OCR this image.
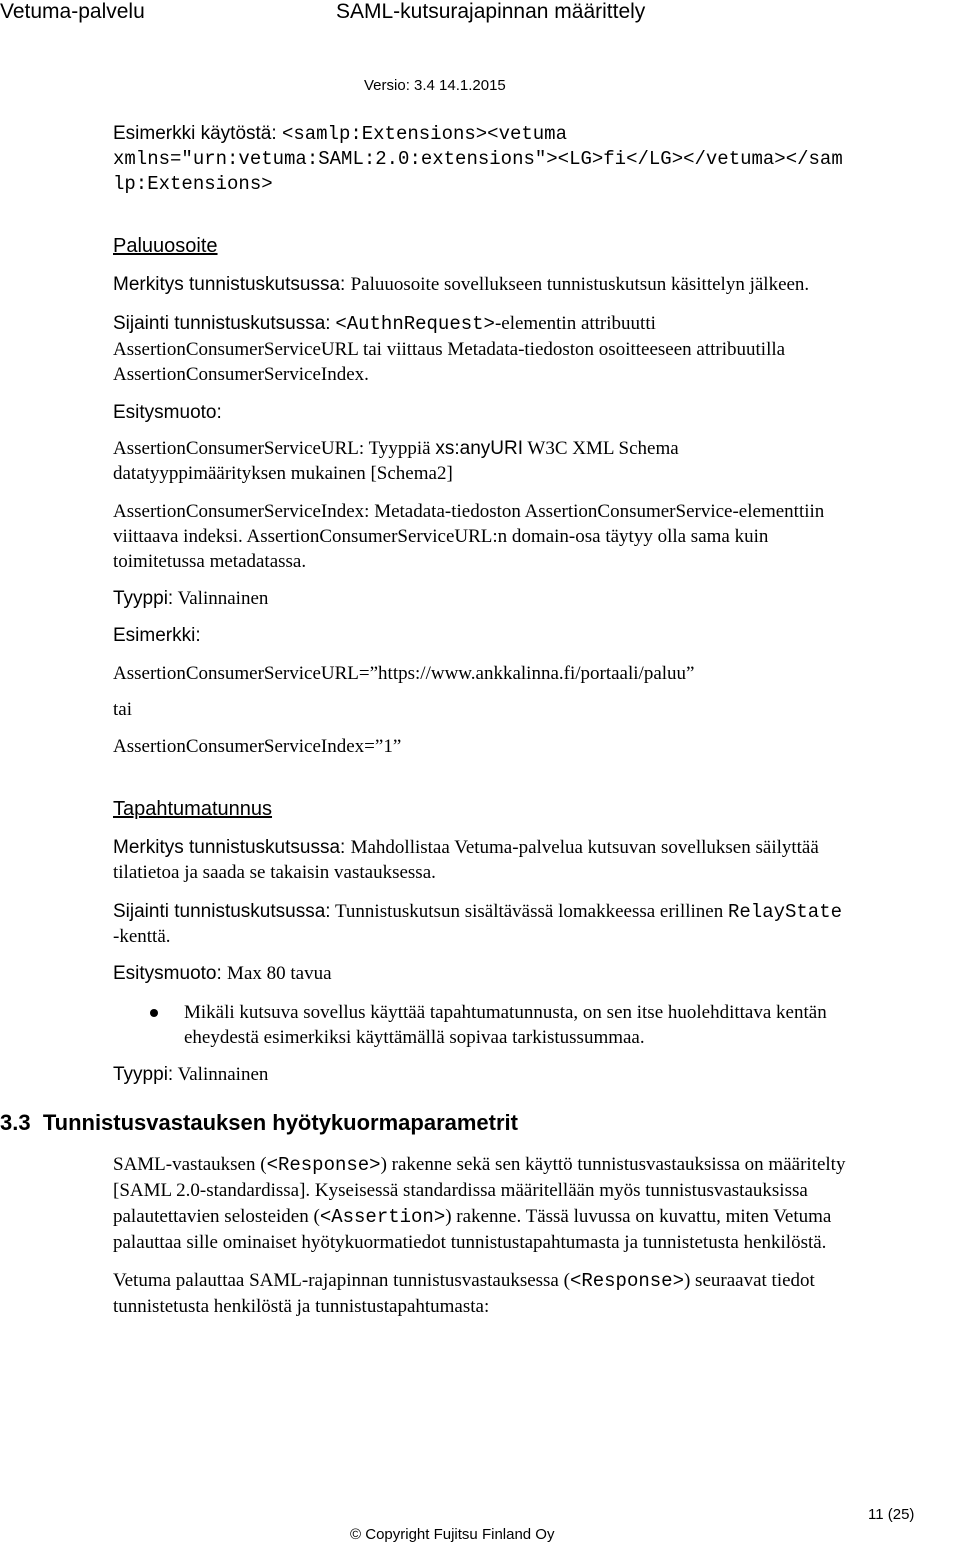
Vetuma-palvelu	SAML-kutsurajapinnan määrittely
Versio: 3.4 14.1.2015
Esimerkki käytöstä: <samlp:Extensions><vetuma
xmlns="urn:vetuma:SAML:2.0:extensions"><LG>fi</LG></vetuma></sam
lp:Extensions>
Paluuosoite
Merkitys tunnistuskutsussa: Paluuosoite sovellukseen tunnistuskutsun käsittelyn jälkeen.
Sijainti tunnistuskutsussa: <AuthnRequest>-elementin attribuutti
AssertionConsumerServiceURL tai viittaus Metadata-tiedoston osoitteeseen attribuutilla
AssertionConsumerServiceIndex.
Esitysmuoto:
AssertionConsumerServiceURL: Tyyppiä xs:anyURI W3C XML Schema
datatyyppimäärityksen mukainen [Schema2]
AssertionConsumerServiceIndex: Metadata-tiedoston AssertionConsumerService-elementtiin
viittaava indeksi. AssertionConsumerServiceURL:n domain-osa täytyy olla sama kuin
toimitetussa metadatassa.
Tyyppi: Valinnainen
Esimerkki:
AssertionConsumerServiceURL=”https://www.ankkalinna.fi/portaali/paluu”
tai
AssertionConsumerServiceIndex=”1”
Tapahtumatunnus
Merkitys tunnistuskutsussa: Mahdollistaa Vetuma-palvelua kutsuvan sovelluksen säilyttää
tilatietoa ja saada se takaisin vastauksessa.
Sijainti tunnistuskutsussa: Tunnistuskutsun sisältävässä lomakkeessa erillinen RelayState
-kenttä.
Esitysmuoto: Max 80 tavua
Mikäli kutsuva sovellus käyttää tapahtumatunnusta, on sen itse huolehdittava kentän
eheydestä esimerkiksi käyttämällä sopivaa tarkistussummaa.
Tyyppi: Valinnainen
3.3 Tunnistusvastauksen hyötykuormaparametrit
SAML-vastauksen (<Response>) rakenne sekä sen käyttö tunnistusvastauksissa on määritelty
[SAML 2.0-standardissa]. Kyseisessä standardissa määritellään myös tunnistusvastauksissa
palautettavien selosteiden (<Assertion>) rakenne. Tässä luvussa on kuvattu, miten Vetuma
palauttaa sille ominaiset hyötykuormatiedot tunnistustapahtumasta ja tunnistetusta henkilöstä.
Vetuma palauttaa SAML-rajapinnan tunnistusvastauksessa (<Response>) seuraavat tiedot
tunnistetusta henkilöstä ja tunnistustapahtumasta:
11 (25)
© Copyright Fujitsu Finland Oy
